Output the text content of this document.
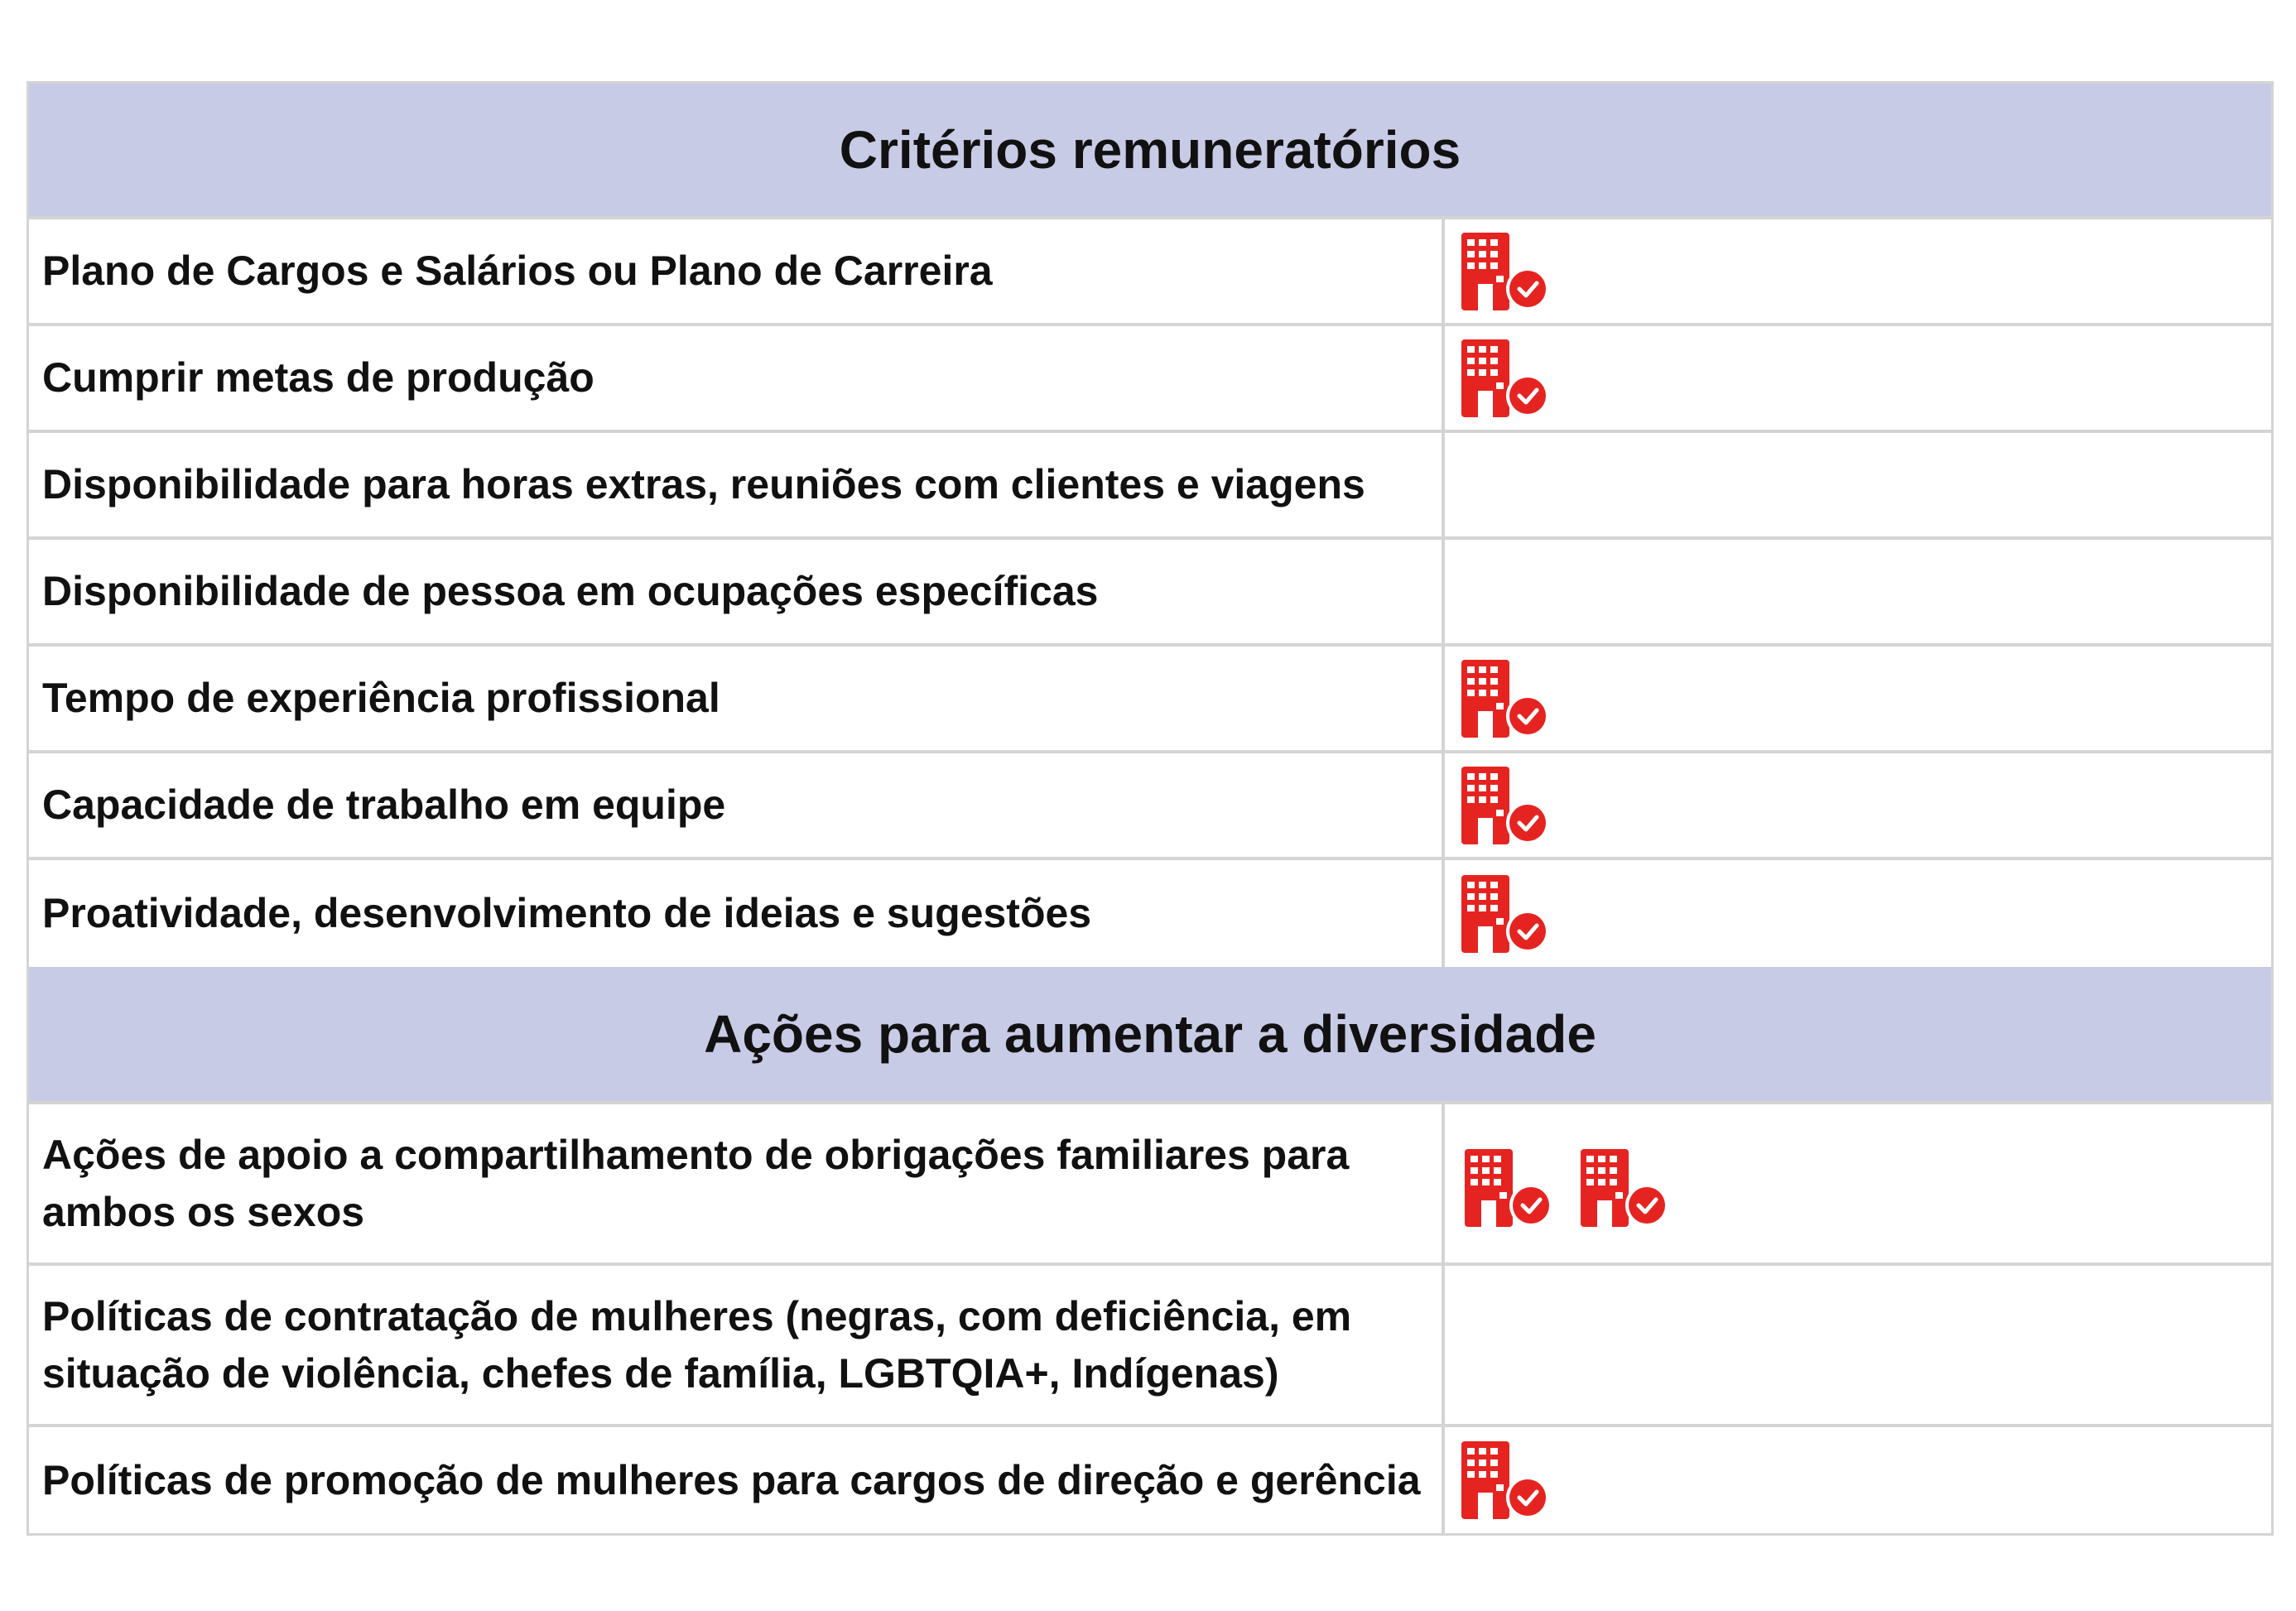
Critérios remuneratórios
Plano de Cargos e Salários ou Plano de Carreira
Cumprir metas de produção
Disponibilidade para horas extras, reuniões com clientes e viagens
Disponibilidade de pessoa em ocupações específicas
Tempo de experiência profissional
Capacidade de trabalho em equipe
Proatividade, desenvolvimento de ideias e sugestões
Ações para aumentar a diversidade
Ações de apoio a compartilhamento de obrigações familiares para ambos os sexos
Políticas de contratação de mulheres (negras, com deficiência, em situação de violência, chefes de família, LGBTQIA+, Indígenas)
Políticas de promoção de mulheres para cargos de direção e gerência
